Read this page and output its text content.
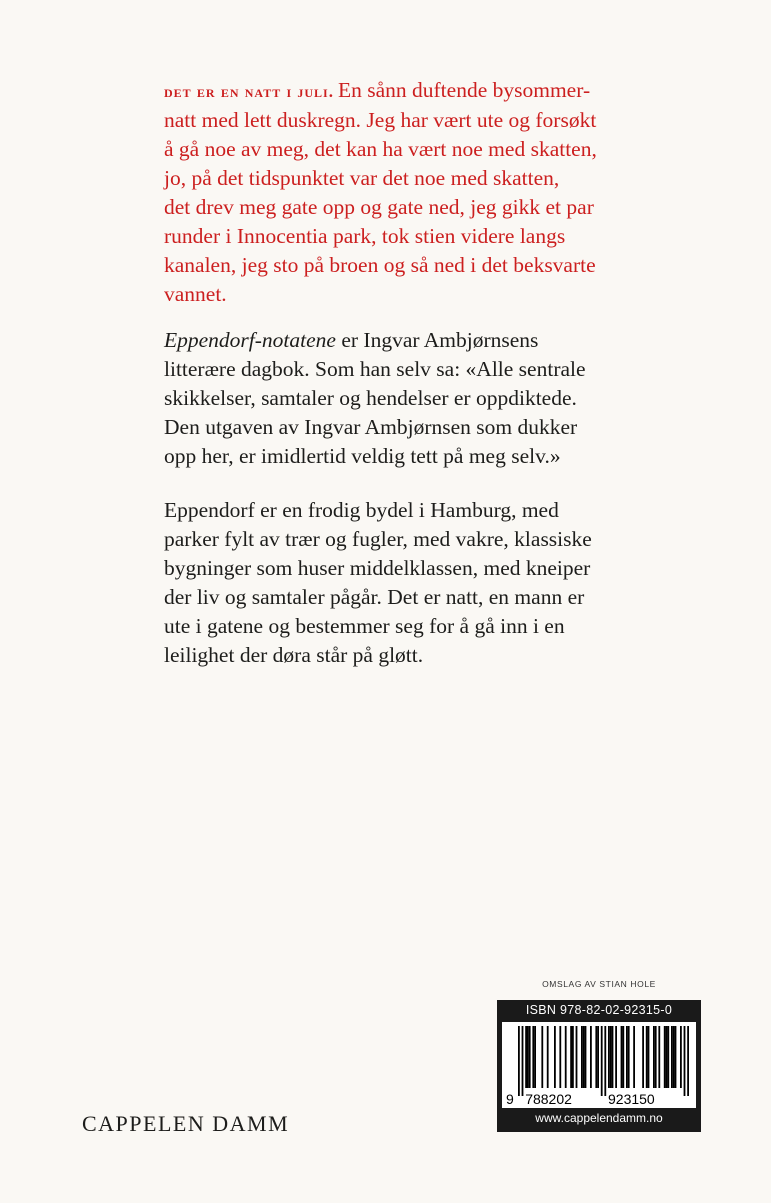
det er en natt i juli. En sånn duftende bysommer-
natt med lett duskregn. Jeg har vært ute og forsøkt
å gå noe av meg, det kan ha vært noe med skatten,
jo, på det tidspunktet var det noe med skatten,
det drev meg gate opp og gate ned, jeg gikk et par
runder i Innocentia park, tok stien videre langs
kanalen, jeg sto på broen og så ned i det beksvarte
vannet.
Eppendorf-notatene er Ingvar Ambjørnsens
litterære dagbok. Som han selv sa: «Alle sentrale
skikkelser, samtaler og hendelser er oppdiktede.
Den utgaven av Ingvar Ambjørnsen som dukker
opp her, er imidlertid veldig tett på meg selv.»
Eppendorf er en frodig bydel i Hamburg, med
parker fylt av trær og fugler, med vakre, klassiske
bygninger som huser middelklassen, med kneiper
der liv og samtaler pågår. Det er natt, en mann er
ute i gatene og bestemmer seg for å gå inn i en
leilighet der døra står på gløtt.
OMSLAG AV STIAN HOLE
ISBN 978-82-02-92315-0
9 788202	923150
www.cappelendamm.no
CAPPELEN DAMM
